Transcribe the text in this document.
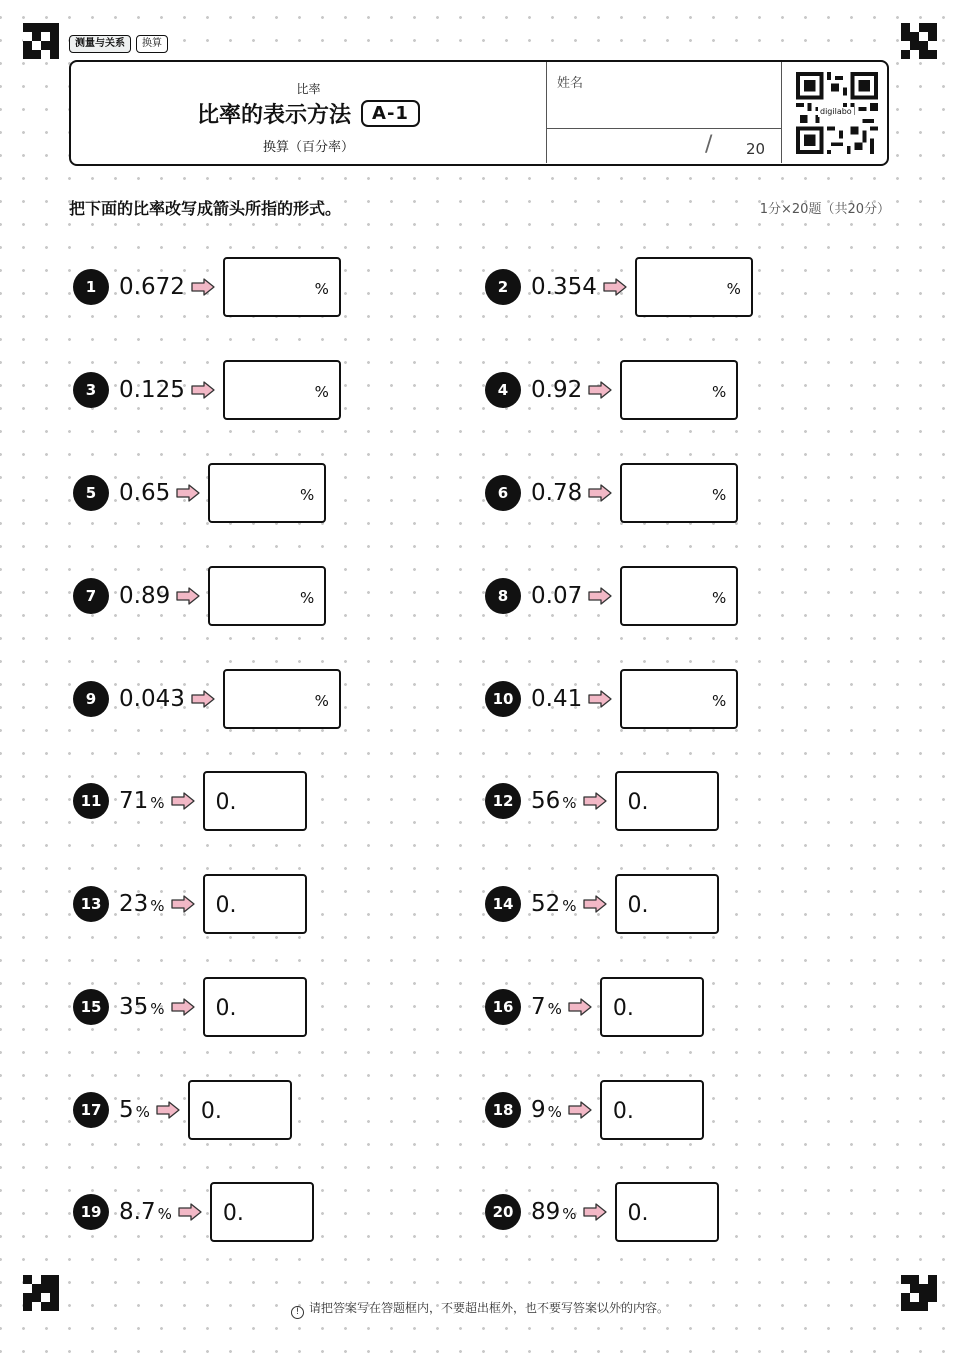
测量与关系	换算
比率
比率的表示方法	A-1
换算（百分率）
姓名
/ 20
digilabo
把下面的比率改写成箭头所指的形式。	1分×20题（共20分）
1 0.672	%	2 0.354	%
3 0.125	%	4 0.92	%
5 0.65	%	6 0.78	%
7 0.89	%	8 0.07	%
9 0.043	%	10 0.41	%
11 71 % 0.	12 56 % 0.
13 23 % 0.	14 52 % 0.
15 35 % 0.	16 7 % 0.
17 5 % 0.	18 9 % 0.
19 8.7 % 0.	20 89 % 0.
! 请把答案写在答题框内，不要超出框外，也不要写答案以外的内容。
